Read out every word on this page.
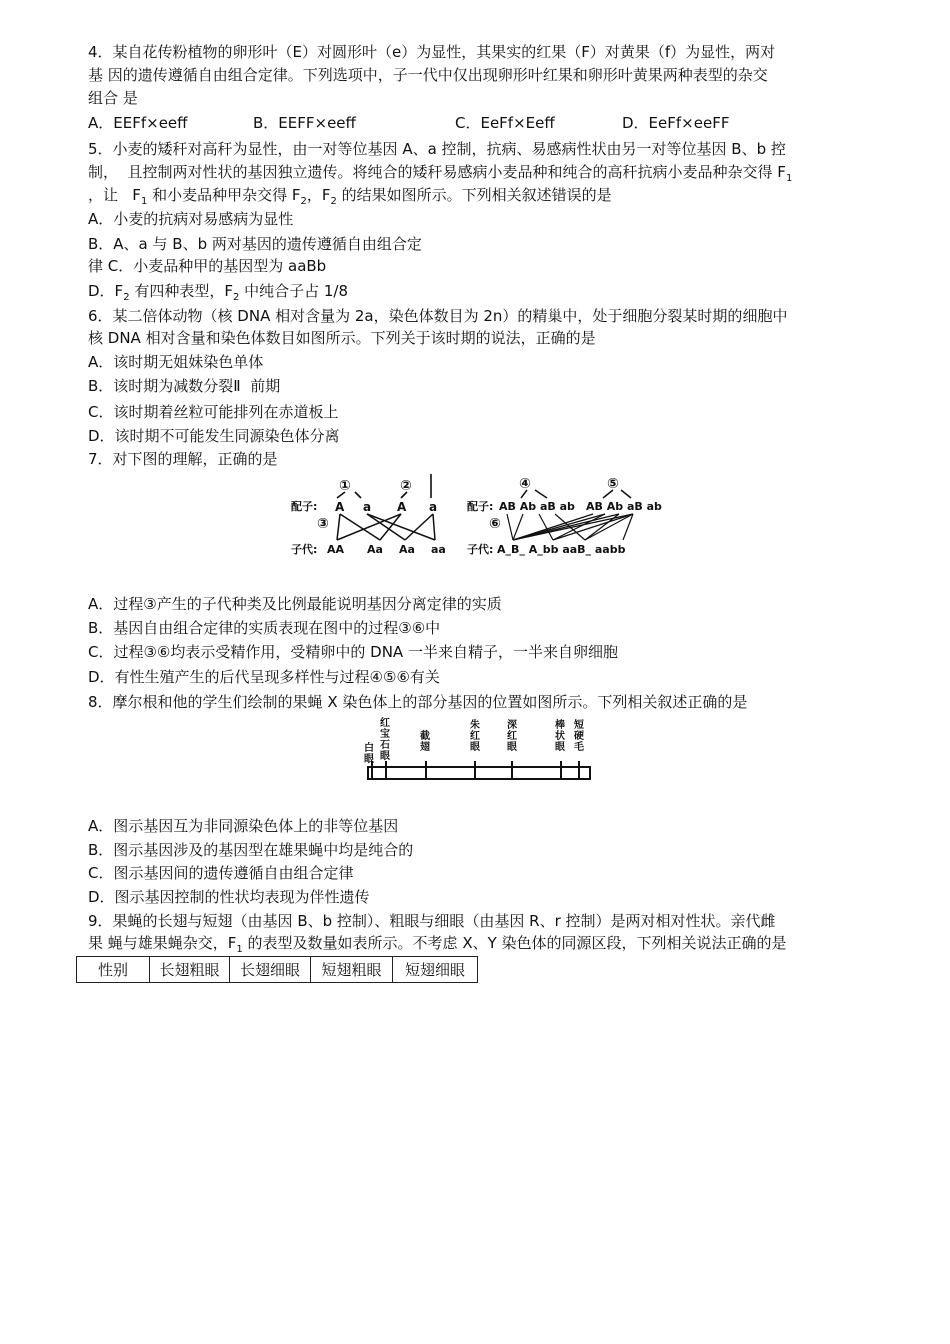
4．某自花传粉植物的卵形叶（E）对圆形叶（e）为显性，其果实的红果（F）对黄果（f）为显性，两对
基 因的遗传遵循自由组合定律。下列选项中，子一代中仅出现卵形叶红果和卵形叶黄果两种表型的杂交
组合 是
A．EEFf×eeff	B．EEFF×eeff	C．EeFf×Eeff	D．EeFf×eeFF
5．小麦的矮秆对高秆为显性，由一对等位基因 A、a 控制，抗病、易感病性状由另一对等位基因 B、b 控
制，  且控制两对性状的基因独立遗传。将纯合的矮秆易感病小麦品种和纯合的高秆抗病小麦品种杂交得 $F_1$
，让   $F_1$ 和小麦品种甲杂交得 $F_2$，$F_2$ 的结果如图所示。下列相关叙述错误的是
A．小麦的抗病对易感病为显性
B．A、a 与 B、b 两对基因的遗传遵循自由组合定
律 C．小麦品种甲的基因型为 aaBb
D．$F_2$ 有四种表型，$F_2$ 中纯合子占 1/8
6．某二倍体动物（核 DNA 相对含量为 2a，染色体数目为 2n）的精巢中，处于细胞分裂某时期的细胞中
核 DNA 相对含量和染色体数目如图所示。下列关于该时期的说法，正确的是
A．该时期无姐妹染色单体
B．该时期为减数分裂Ⅱ  前期
C．该时期着丝粒可能排列在赤道板上
D．该时期不可能发生同源染色体分离
7．对下图的理解，正确的是
配子:
子代:
①	②
③
A a A a
AA Aa Aa aa
配子:
子代:
④	⑤
⑥
AB Ab aB ab AB Ab aB ab
A_B_ A_bb aaB_ aabb
A．过程③产生的子代种类及比例最能说明基因分离定律的实质
B．基因自由组合定律的实质表现在图中的过程③⑥中
C．过程③⑥均表示受精作用，受精卵中的 DNA 一半来自精子，一半来自卵细胞
D．有性生殖产生的后代呈现多样性与过程④⑤⑥有关
8．摩尔根和他的学生们绘制的果蝇 X 染色体上的部分基因的位置如图所示。下列相关叙述正确的是
白眼
红宝石眼
截翅
朱红眼
深红眼
棒状眼
短硬毛
A．图示基因互为非同源染色体上的非等位基因
B．图示基因涉及的基因型在雄果蝇中均是纯合的
C．图示基因间的遗传遵循自由组合定律
D．图示基因控制的性状均表现为伴性遗传
9．果蝇的长翅与短翅（由基因 B、b 控制）、粗眼与细眼（由基因 R、r 控制）是两对相对性状。亲代雌
果 蝇与雄果蝇杂交，$F_1$ 的表型及数量如表所示。不考虑 X、Y 染色体的同源区段，下列相关说法正确的是
性别	长翅粗眼	长翅细眼	短翅粗眼	短翅细眼
